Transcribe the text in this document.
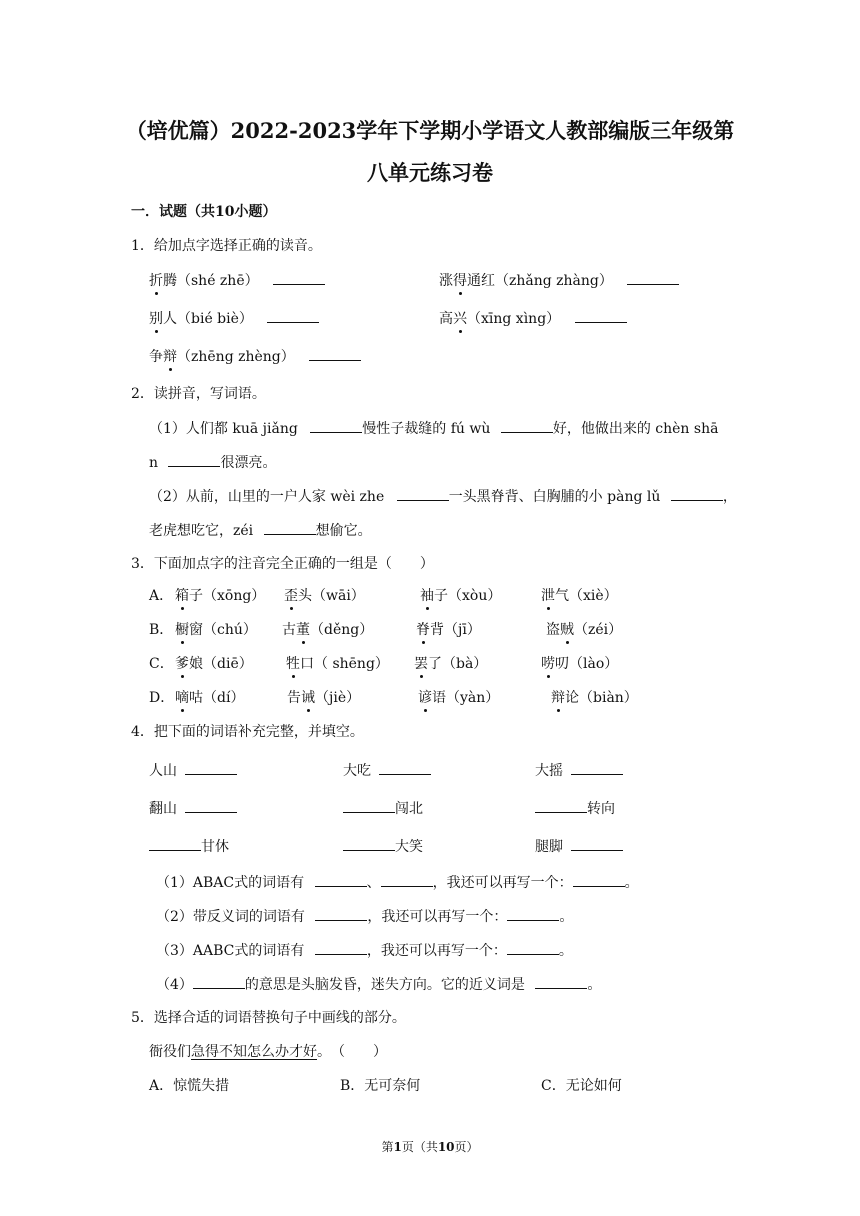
（培优篇）2022-2023学年下学期小学语文人教部编版三年级第
八单元练习卷
一．试题（共10小题）
1．给加点字选择正确的读音。
折腾（shé zhē）	涨得通红（zhǎng zhàng）
别人（bié biè）	高兴（xīng xìng）
争辩（zhēng zhèng）
2．读拼音，写词语。
（1）人们都 kuā jiǎng	慢性子裁缝的 fú wù	好，他做出来的 chèn shā
n	很漂亮。
（2）从前，山里的一户人家 wèi zhe	一头黑脊背、白胸脯的小 pàng lǔ	，
老虎想吃它，zéi	想偷它。
3．下面加点字的注音完全正确的一组是（　　）
A． 箱子（xōng） 歪头（wāi）	袖子（xòu）	泄气（xiè）
B． 橱窗（chú） 古董（děng）	脊背（jī）	盗贼（zéi）
C． 爹娘（diē） 牲口（ shēng） 罢了（bà）	唠叨（lào）
D． 嘀咕（dí）	告诫（jiè）	谚语（yàn）	辩论（biàn）
4．把下面的词语补充完整，并填空。
人山	大吃	大摇
翻山	闯北	转向
甘休	大笑	腿脚
（1）ABAC式的词语有	、	，我还可以再写一个：	。
（2）带反义词的词语有	，我还可以再写一个：	。
（3）AABC式的词语有	，我还可以再写一个：	。
（4）	的意思是头脑发昏，迷失方向。它的近义词是	。
5．选择合适的词语替换句子中画线的部分。
衙役们急得不知怎么办才好。　（　　）
A．惊慌失措	B．无可奈何	C．无论如何
第1页（共10页）
